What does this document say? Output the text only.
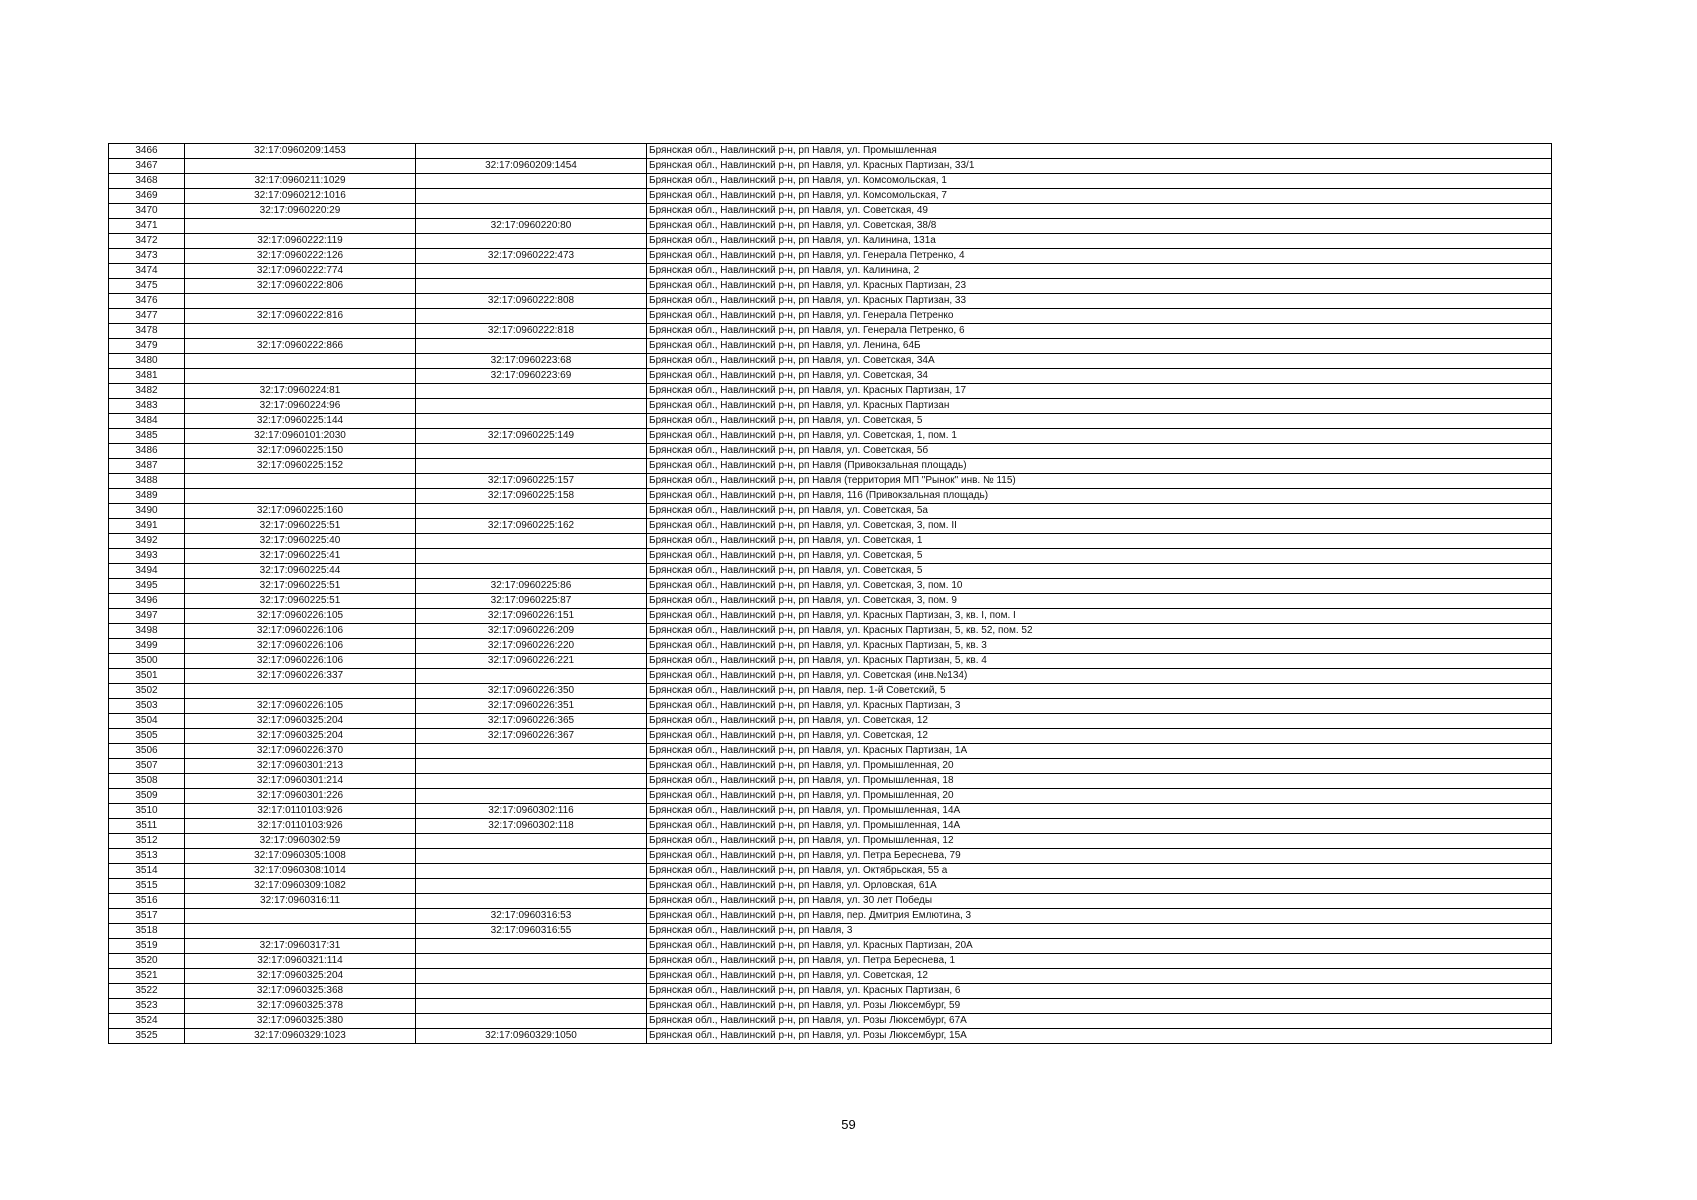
3466	32:17:0960209:1453		Брянская обл., Навлинский р-н, рп Навля, ул. Промышленная
3467		32:17:0960209:1454	Брянская обл., Навлинский р-н, рп Навля, ул. Красных Партизан, 33/1
3468	32:17:0960211:1029		Брянская обл., Навлинский р-н, рп Навля, ул. Комсомольская, 1
3469	32:17:0960212:1016		Брянская обл., Навлинский р-н, рп Навля, ул. Комсомольская, 7
3470	32:17:0960220:29		Брянская обл., Навлинский р-н, рп Навля, ул. Советская, 49
3471		32:17:0960220:80	Брянская обл., Навлинский р-н, рп Навля, ул. Советская, 38/8
3472	32:17:0960222:119		Брянская обл., Навлинский р-н, рп Навля, ул. Калинина, 131а
3473	32:17:0960222:126	32:17:0960222:473	Брянская обл., Навлинский р-н, рп Навля, ул. Генерала Петренко, 4
3474	32:17:0960222:774		Брянская обл., Навлинский р-н, рп Навля, ул. Калинина, 2
3475	32:17:0960222:806		Брянская обл., Навлинский р-н, рп Навля, ул. Красных Партизан, 23
3476		32:17:0960222:808	Брянская обл., Навлинский р-н, рп Навля, ул. Красных Партизан, 33
3477	32:17:0960222:816		Брянская обл., Навлинский р-н, рп Навля, ул. Генерала Петренко
3478		32:17:0960222:818	Брянская обл., Навлинский р-н, рп Навля, ул. Генерала Петренко, 6
3479	32:17:0960222:866		Брянская обл., Навлинский р-н, рп Навля, ул. Ленина, 64Б
3480		32:17:0960223:68	Брянская обл., Навлинский р-н, рп Навля, ул. Советская, 34А
3481		32:17:0960223:69	Брянская обл., Навлинский р-н, рп Навля, ул. Советская, 34
3482	32:17:0960224:81		Брянская обл., Навлинский р-н, рп Навля, ул. Красных Партизан, 17
3483	32:17:0960224:96		Брянская обл., Навлинский р-н, рп Навля, ул. Красных Партизан
3484	32:17:0960225:144		Брянская обл., Навлинский р-н, рп Навля, ул. Советская, 5
3485	32:17:0960101:2030	32:17:0960225:149	Брянская обл., Навлинский р-н, рп Навля, ул. Советская, 1, пом. 1
3486	32:17:0960225:150		Брянская обл., Навлинский р-н, рп Навля, ул. Советская, 5б
3487	32:17:0960225:152		Брянская обл., Навлинский р-н, рп Навля (Привокзальная площадь)
3488		32:17:0960225:157	Брянская обл., Навлинский р-н, рп Навля (территория МП "Рынок" инв. № 115)
3489		32:17:0960225:158	Брянская обл., Навлинский р-н, рп Навля, 116 (Привокзальная площадь)
3490	32:17:0960225:160		Брянская обл., Навлинский р-н, рп Навля, ул. Советская, 5а
3491	32:17:0960225:51	32:17:0960225:162	Брянская обл., Навлинский р-н, рп Навля, ул. Советская, 3, пом. II
3492	32:17:0960225:40		Брянская обл., Навлинский р-н, рп Навля, ул. Советская, 1
3493	32:17:0960225:41		Брянская обл., Навлинский р-н, рп Навля, ул. Советская, 5
3494	32:17:0960225:44		Брянская обл., Навлинский р-н, рп Навля, ул. Советская, 5
3495	32:17:0960225:51	32:17:0960225:86	Брянская обл., Навлинский р-н, рп Навля, ул. Советская, 3, пом. 10
3496	32:17:0960225:51	32:17:0960225:87	Брянская обл., Навлинский р-н, рп Навля, ул. Советская, 3, пом. 9
3497	32:17:0960226:105	32:17:0960226:151	Брянская обл., Навлинский р-н, рп Навля, ул. Красных Партизан, 3, кв. I, пом. I
3498	32:17:0960226:106	32:17:0960226:209	Брянская обл., Навлинский р-н, рп Навля, ул. Красных Партизан, 5, кв. 52, пом. 52
3499	32:17:0960226:106	32:17:0960226:220	Брянская обл., Навлинский р-н, рп Навля, ул. Красных Партизан, 5, кв. 3
3500	32:17:0960226:106	32:17:0960226:221	Брянская обл., Навлинский р-н, рп Навля, ул. Красных Партизан, 5, кв. 4
3501	32:17:0960226:337		Брянская обл., Навлинский р-н, рп Навля, ул. Советская (инв.№134)
3502		32:17:0960226:350	Брянская обл., Навлинский р-н, рп Навля, пер. 1-й Советский, 5
3503	32:17:0960226:105	32:17:0960226:351	Брянская обл., Навлинский р-н, рп Навля, ул. Красных Партизан, 3
3504	32:17:0960325:204	32:17:0960226:365	Брянская обл., Навлинский р-н, рп Навля, ул. Советская, 12
3505	32:17:0960325:204	32:17:0960226:367	Брянская обл., Навлинский р-н, рп Навля, ул. Советская, 12
3506	32:17:0960226:370		Брянская обл., Навлинский р-н, рп Навля, ул. Красных Партизан, 1А
3507	32:17:0960301:213		Брянская обл., Навлинский р-н, рп Навля, ул. Промышленная, 20
3508	32:17:0960301:214		Брянская обл., Навлинский р-н, рп Навля, ул. Промышленная, 18
3509	32:17:0960301:226		Брянская обл., Навлинский р-н, рп Навля, ул. Промышленная, 20
3510	32:17:0110103:926	32:17:0960302:116	Брянская обл., Навлинский р-н, рп Навля, ул. Промышленная, 14А
3511	32:17:0110103:926	32:17:0960302:118	Брянская обл., Навлинский р-н, рп Навля, ул. Промышленная, 14А
3512	32:17:0960302:59		Брянская обл., Навлинский р-н, рп Навля, ул. Промышленная, 12
3513	32:17:0960305:1008		Брянская обл., Навлинский р-н, рп Навля, ул. Петра Береснева, 79
3514	32:17:0960308:1014		Брянская обл., Навлинский р-н, рп Навля, ул. Октябрьская, 55 а
3515	32:17:0960309:1082		Брянская обл., Навлинский р-н, рп Навля, ул. Орловская, 61А
3516	32:17:0960316:11		Брянская обл., Навлинский р-н, рп Навля, ул. 30 лет Победы
3517		32:17:0960316:53	Брянская обл., Навлинский р-н, рп Навля, пер. Дмитрия Емлютина, 3
3518		32:17:0960316:55	Брянская обл., Навлинский р-н, рп Навля, 3
3519	32:17:0960317:31		Брянская обл., Навлинский р-н, рп Навля, ул. Красных Партизан, 20А
3520	32:17:0960321:114		Брянская обл., Навлинский р-н, рп Навля, ул. Петра Береснева, 1
3521	32:17:0960325:204		Брянская обл., Навлинский р-н, рп Навля, ул. Советская, 12
3522	32:17:0960325:368		Брянская обл., Навлинский р-н, рп Навля, ул. Красных Партизан, 6
3523	32:17:0960325:378		Брянская обл., Навлинский р-н, рп Навля, ул. Розы Люксембург, 59
3524	32:17:0960325:380		Брянская обл., Навлинский р-н, рп Навля, ул. Розы Люксембург, 67А
3525	32:17:0960329:1023	32:17:0960329:1050	Брянская обл., Навлинский р-н, рп Навля, ул. Розы Люксембург, 15А
59
